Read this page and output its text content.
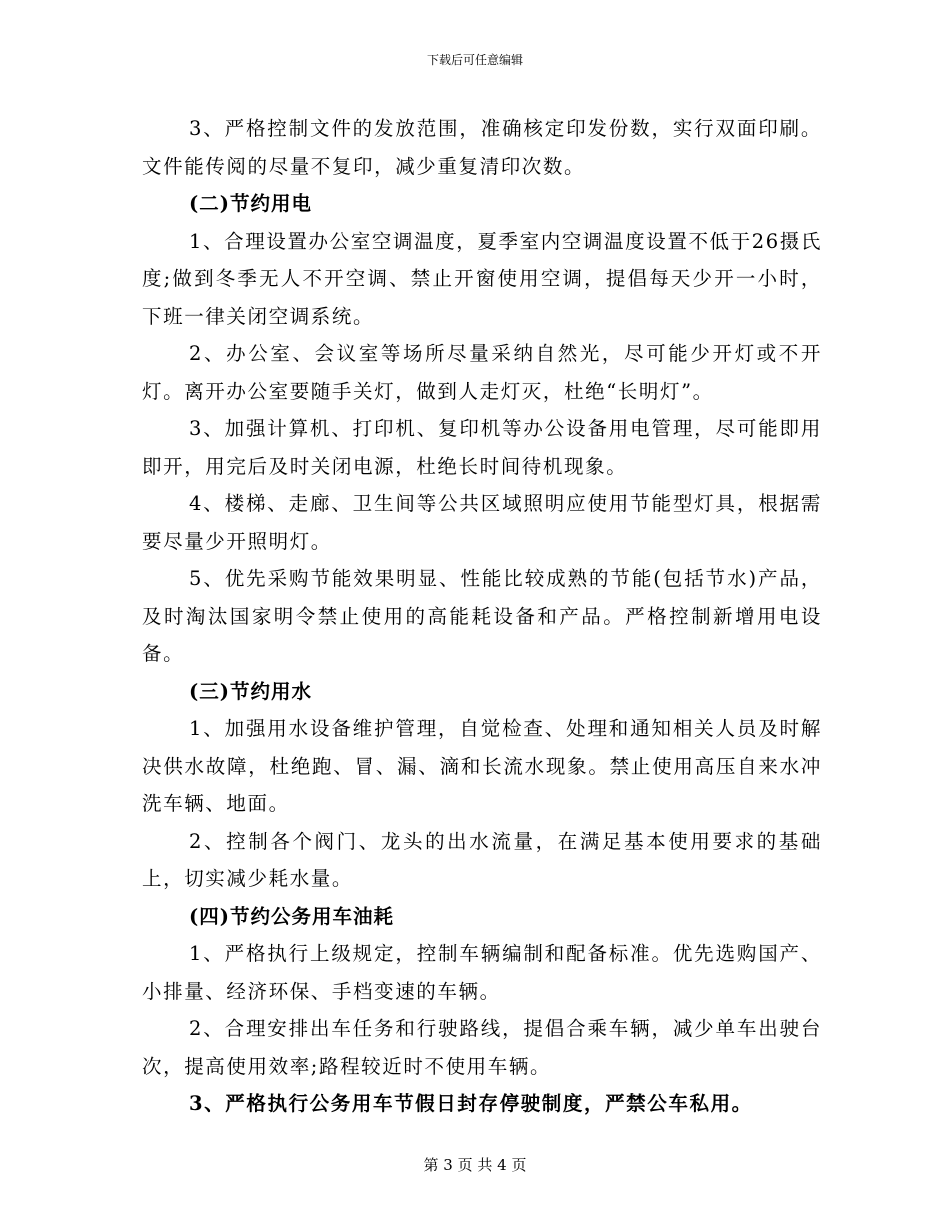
下载后可任意编辑

3、严格控制文件的发放范围，准确核定印发份数，实行双面印刷。文件能传阅的尽量不复印，减少重复清印次数。

(二)节约用电

1、合理设置办公室空调温度，夏季室内空调温度设置不低于26摄氏度;做到冬季无人不开空调、禁止开窗使用空调，提倡每天少开一小时，下班一律关闭空调系统。

2、办公室、会议室等场所尽量采纳自然光，尽可能少开灯或不开灯。离开办公室要随手关灯，做到人走灯灭，杜绝“长明灯”。

3、加强计算机、打印机、复印机等办公设备用电管理，尽可能即用即开，用完后及时关闭电源，杜绝长时间待机现象。

4、楼梯、走廊、卫生间等公共区域照明应使用节能型灯具，根据需要尽量少开照明灯。

5、优先采购节能效果明显、性能比较成熟的节能(包括节水)产品，及时淘汰国家明令禁止使用的高能耗设备和产品。严格控制新增用电设备。

(三)节约用水

1、加强用水设备维护管理，自觉检查、处理和通知相关人员及时解决供水故障，杜绝跑、冒、漏、滴和长流水现象。禁止使用高压自来水冲洗车辆、地面。

2、控制各个阀门、龙头的出水流量，在满足基本使用要求的基础上，切实减少耗水量。

(四)节约公务用车油耗

1、严格执行上级规定，控制车辆编制和配备标准。优先选购国产、小排量、经济环保、手档变速的车辆。

2、合理安排出车任务和行驶路线，提倡合乘车辆，减少单车出驶台次，提高使用效率;路程较近时不使用车辆。

3、严格执行公务用车节假日封存停驶制度，严禁公车私用。

第 3 页 共 4 页
